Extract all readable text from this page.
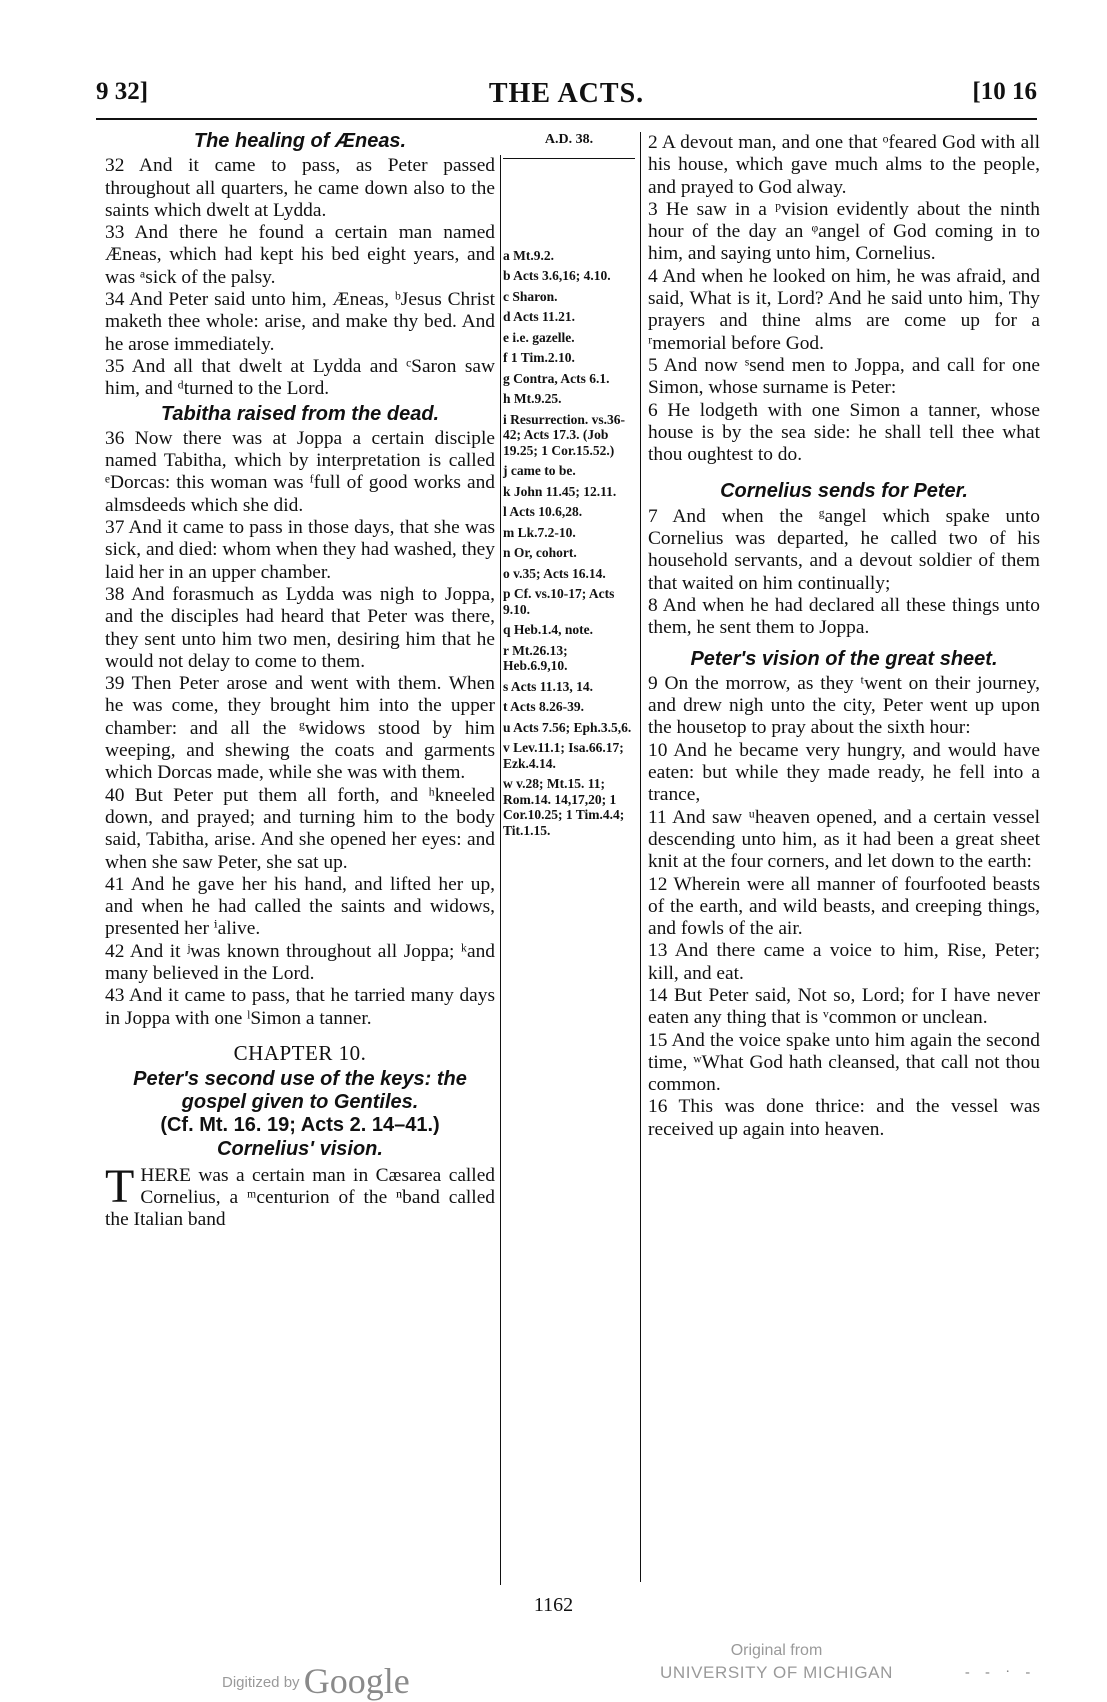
9 32]	THE ACTS.	[10 16
The healing of Æneas.

32 And it came to pass, as Peter passed throughout all quarters, he came down also to the saints which dwelt at Lydda.

33 And there he found a certain man named Æneas, which had kept his bed eight years, and was ᵃsick of the palsy.

34 And Peter said unto him, Æneas, ᵇJesus Christ maketh thee whole: arise, and make thy bed. And he arose immediately.

35 And all that dwelt at Lydda and ᶜSaron saw him, and ᵈturned to the Lord.

Tabitha raised from the dead.

36 Now there was at Joppa a certain disciple named Tabitha, which by interpretation is called ᵉDorcas: this woman was ᶠfull of good works and almsdeeds which she did.

37 And it came to pass in those days, that she was sick, and died: whom when they had washed, they laid her in an upper chamber.

38 And forasmuch as Lydda was nigh to Joppa, and the disciples had heard that Peter was there, they sent unto him two men, desiring him that he would not delay to come to them.

39 Then Peter arose and went with them. When he was come, they brought him into the upper chamber: and all the ᵍwidows stood by him weeping, and shewing the coats and garments which Dorcas made, while she was with them.

40 But Peter put them all forth, and ʰkneeled down, and prayed; and turning him to the body said, Tabitha, arise. And she opened her eyes: and when she saw Peter, she sat up.

41 And he gave her his hand, and lifted her up, and when he had called the saints and widows, presented her ⁱalive.

42 And it ʲwas known throughout all Joppa; ᵏand many believed in the Lord.

43 And it came to pass, that he tarried many days in Joppa with one ˡSimon a tanner.

CHAPTER 10.
Peter's second use of the keys: the gospel given to Gentiles.
(Cf. Mt. 16. 19; Acts 2. 14–41.)
Cornelius' vision.

THERE was a certain man in Cæsarea called Cornelius, a ᵐcenturion of the ⁿband called the Italian band

A.D. 38.
a Mt.9.2.
b Acts 3.6,16; 4.10.
c Sharon.
d Acts 11.21.
e i.e. gazelle.
f 1 Tim.2.10.
g Contra, Acts 6.1.
h Mt.9.25.
i Resurrection. vs.36-42; Acts 17.3. (Job 19.25; 1 Cor.15.52.)
j came to be.
k John 11.45; 12.11.
l Acts 10.6,28.
m Lk.7.2-10.
n Or, cohort.
o v.35; Acts 16.14.
p Cf. vs.10-17; Acts 9.10.
q Heb.1.4, note.
r Mt.26.13; Heb.6.9,10.
s Acts 11.13, 14.
t Acts 8.26-39.
u Acts 7.56; Eph.3.5,6.
v Lev.11.1; Isa.66.17; Ezk.4.14.
w v.28; Mt.15. 11; Rom.14. 14,17,20; 1 Cor.10.25; 1 Tim.4.4; Tit.1.15.

2 A devout man, and one that ᵒfeared God with all his house, which gave much alms to the people, and prayed to God alway.

3 He saw in a ᵖvision evidently about the ninth hour of the day an ᵠangel of God coming in to him, and saying unto him, Cornelius.

4 And when he looked on him, he was afraid, and said, What is it, Lord? And he said unto him, Thy prayers and thine alms are come up for a ʳmemorial before God.

5 And now ˢsend men to Joppa, and call for one Simon, whose surname is Peter:

6 He lodgeth with one Simon a tanner, whose house is by the sea side: he shall tell thee what thou oughtest to do.

Cornelius sends for Peter.

7 And when the ᵍangel which spake unto Cornelius was departed, he called two of his household servants, and a devout soldier of them that waited on him continually;

8 And when he had declared all these things unto them, he sent them to Joppa.

Peter's vision of the great sheet.

9 On the morrow, as they ᵗwent on their journey, and drew nigh unto the city, Peter went up upon the housetop to pray about the sixth hour:

10 And he became very hungry, and would have eaten: but while they made ready, he fell into a trance,

11 And saw ᵘheaven opened, and a certain vessel descending unto him, as it had been a great sheet knit at the four corners, and let down to the earth:

12 Wherein were all manner of fourfooted beasts of the earth, and wild beasts, and creeping things, and fowls of the air.

13 And there came a voice to him, Rise, Peter; kill, and eat.

14 But Peter said, Not so, Lord; for I have never eaten any thing that is ᵛcommon or unclean.

15 And the voice spake unto him again the second time, ʷWhat God hath cleansed, that call not thou common.

16 This was done thrice: and the vessel was received up again into heaven.

1162
Digitized by Google
Original from
UNIVERSITY OF MICHIGAN	- - · -
